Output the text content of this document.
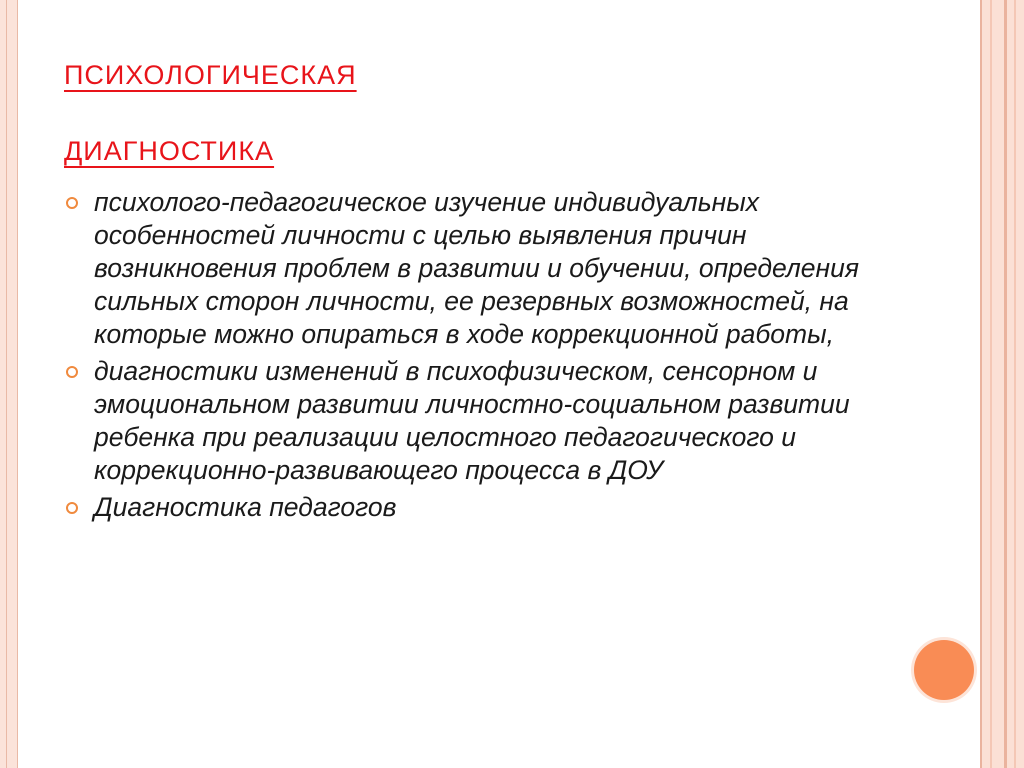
психологическая
диагностика
психолого-педагогическое изучение индивидуальных особенностей личности с целью выявления причин возникновения проблем в развитии и обучении, определения сильных сторон личности, ее резервных возможностей, на которые можно опираться в ходе коррекционной работы,
диагностики изменений в психофизическом, сенсорном и эмоциональном развитии личностно-социальном развитии ребенка при реализации целостного педагогического и коррекционно-развивающего процесса в ДОУ
Диагностика педагогов
